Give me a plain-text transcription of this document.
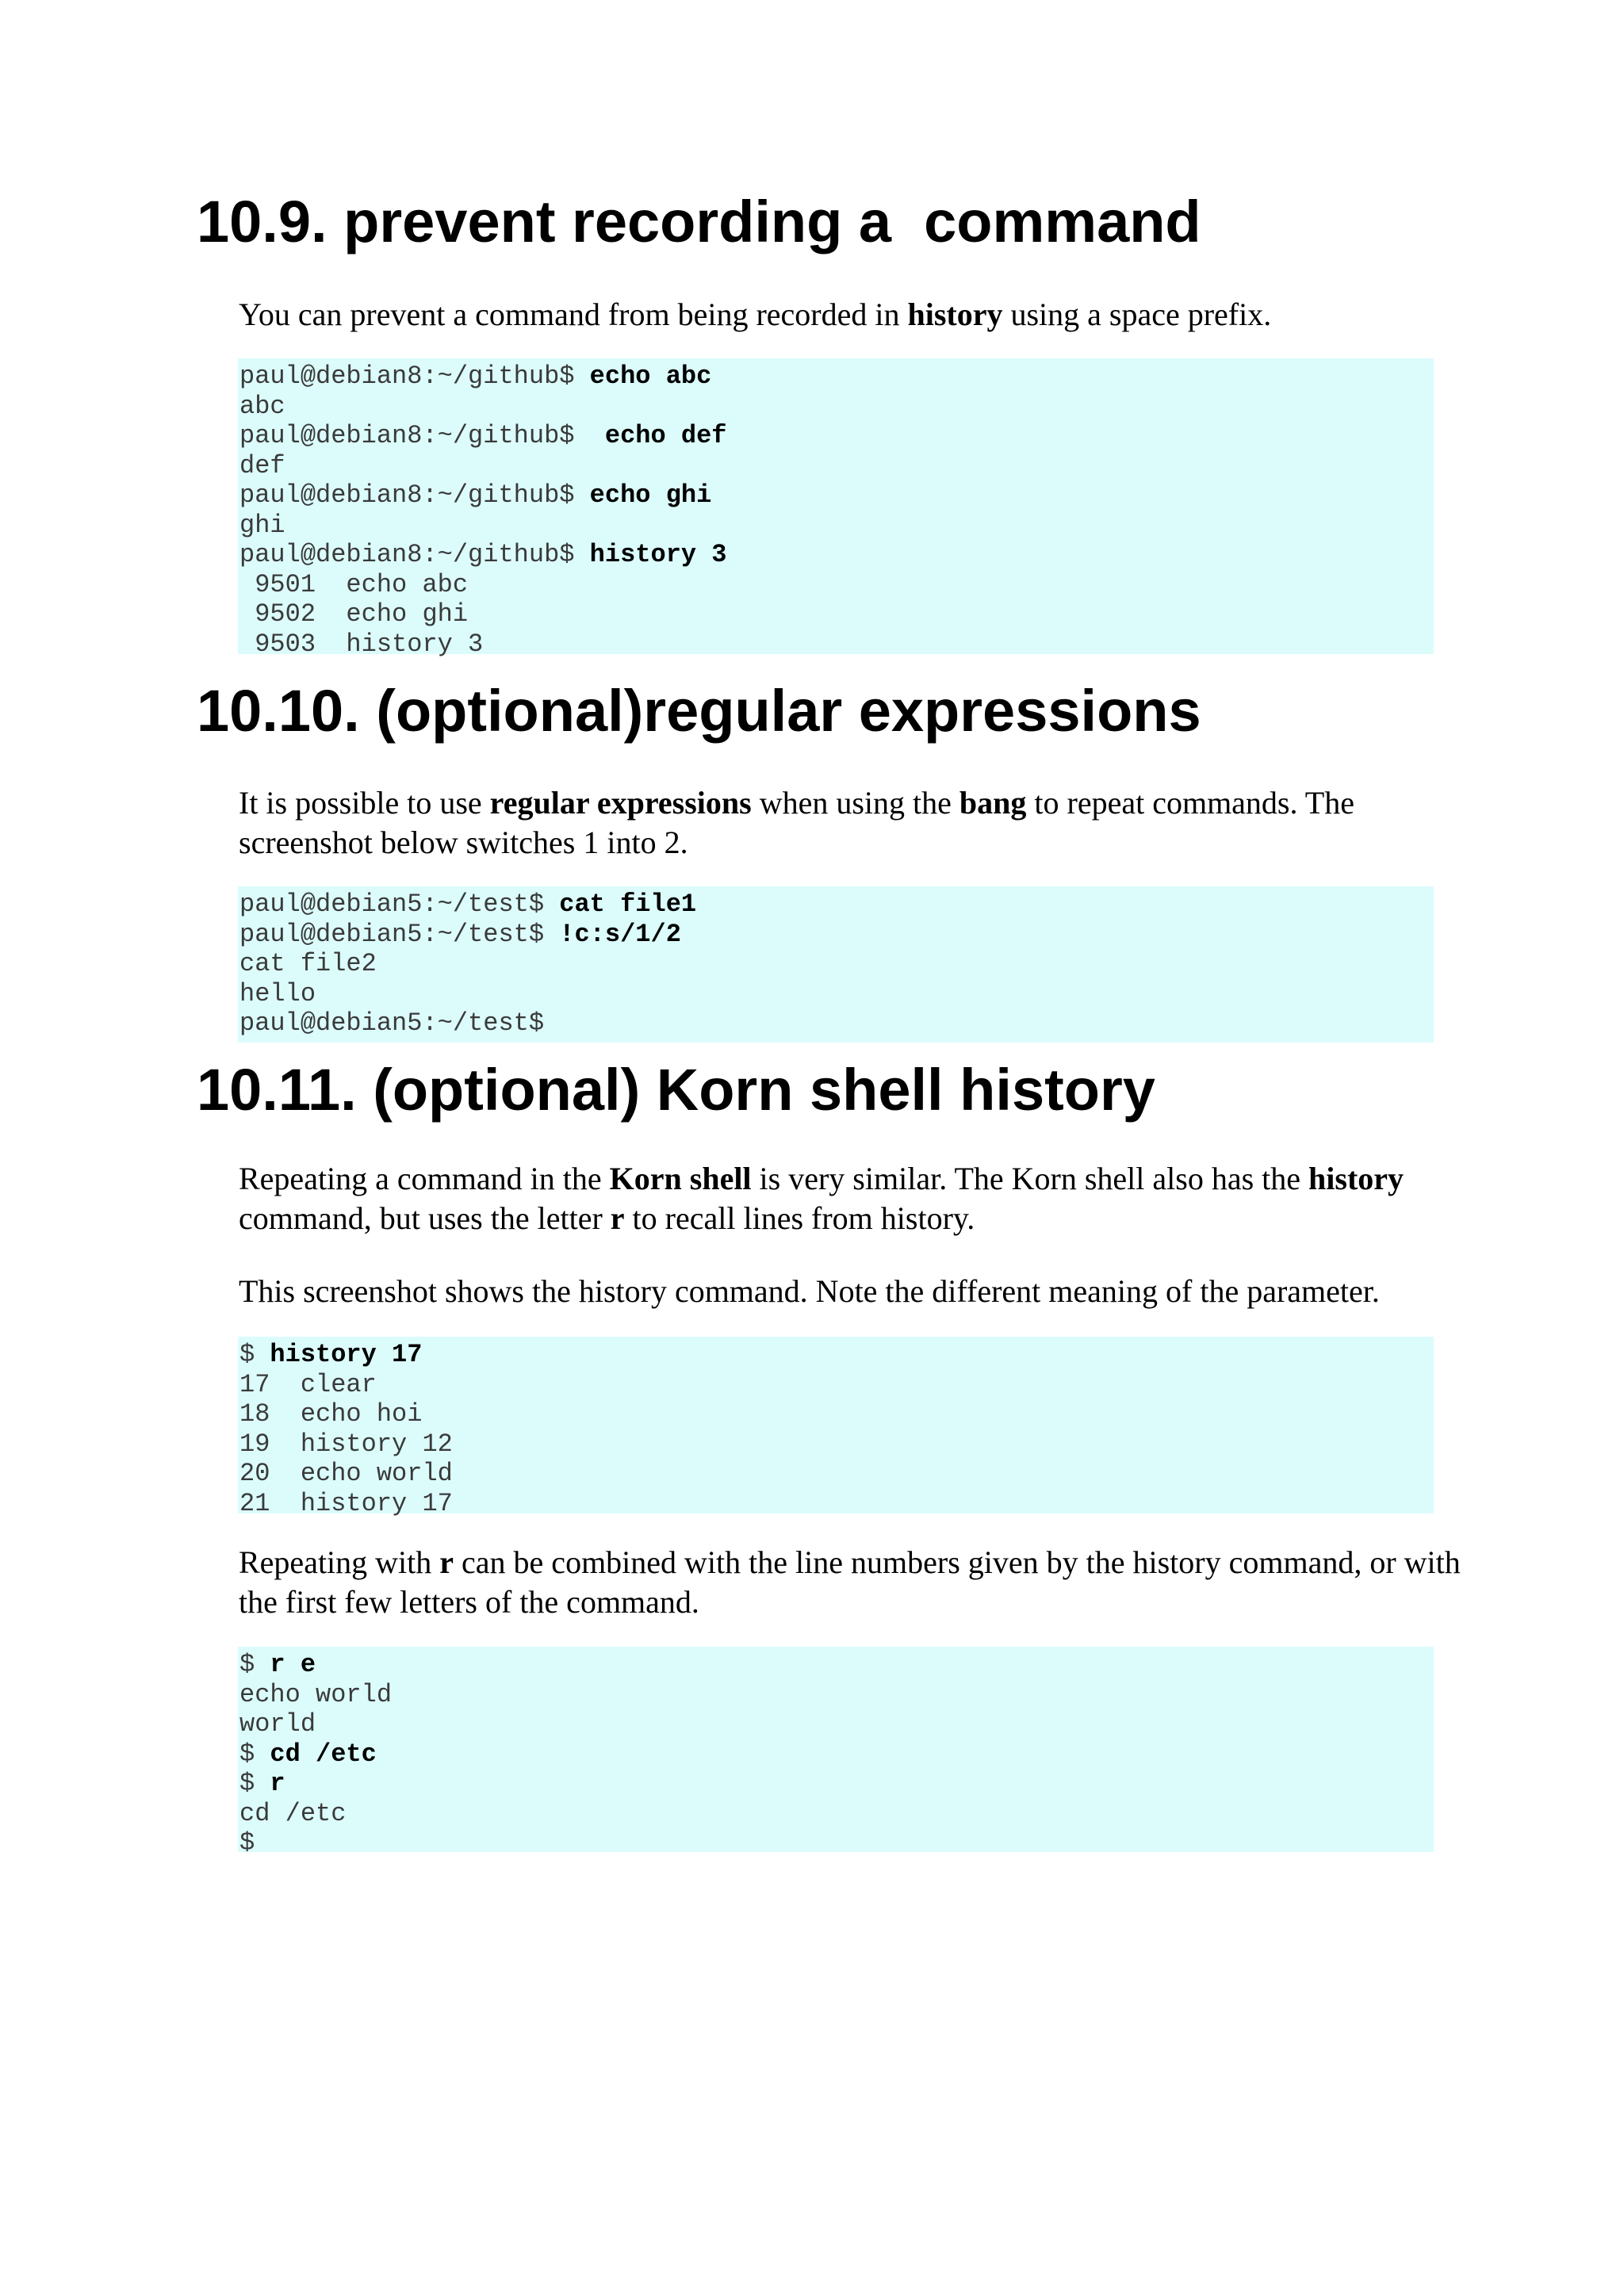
10.9. prevent recording a  command

You can prevent a command from being recorded in history using a space prefix.

paul@debian8:~/github$ echo abc
abc
paul@debian8:~/github$  echo def
def
paul@debian8:~/github$ echo ghi
ghi
paul@debian8:~/github$ history 3
9501  echo abc
9502  echo ghi
9503  history 3
10.10. (optional)regular expressions

It is possible to use regular expressions when using the bang to repeat commands. The screenshot below switches 1 into 2.

paul@debian5:~/test$ cat file1
paul@debian5:~/test$ !c:s/1/2
cat file2
hello
paul@debian5:~/test$
10.11. (optional) Korn shell history

Repeating a command in the Korn shell is very similar. The Korn shell also has the history command, but uses the letter r to recall lines from history.

This screenshot shows the history command. Note the different meaning of the parameter.

$ history 17
17  clear
18  echo hoi
19  history 12
20  echo world
21  history 17

Repeating with r can be combined with the line numbers given by the history command, or with the first few letters of the command.

$ r e
echo world
world
$ cd /etc
$ r
cd /etc
$
